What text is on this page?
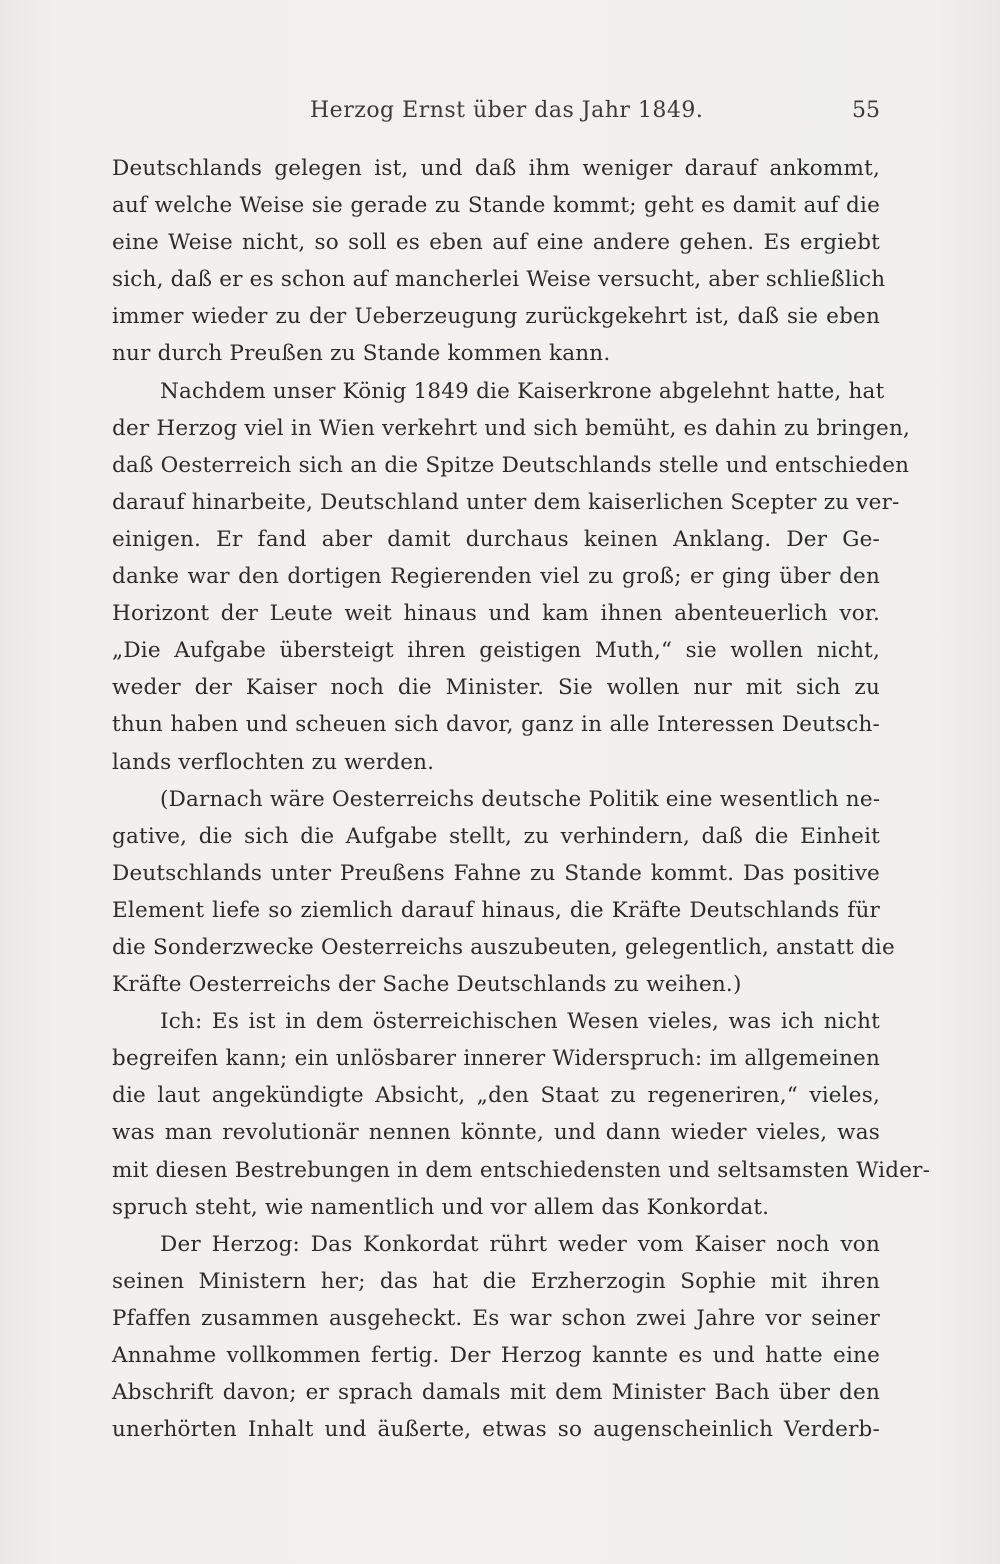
Herzog Ernst über das Jahr 1849.	55
Deutschlands gelegen ist, und daß ihm weniger darauf ankommt,
auf welche Weise sie gerade zu Stande kommt; geht es damit auf die
eine Weise nicht, so soll es eben auf eine andere gehen. Es ergiebt
sich, daß er es schon auf mancherlei Weise versucht, aber schließlich
immer wieder zu der Ueberzeugung zurückgekehrt ist, daß sie eben
nur durch Preußen zu Stande kommen kann.
Nachdem unser König 1849 die Kaiserkrone abgelehnt hatte, hat
der Herzog viel in Wien verkehrt und sich bemüht, es dahin zu bringen,
daß Oesterreich sich an die Spitze Deutschlands stelle und entschieden
darauf hinarbeite, Deutschland unter dem kaiserlichen Scepter zu ver-
einigen. Er fand aber damit durchaus keinen Anklang. Der Ge-
danke war den dortigen Regierenden viel zu groß; er ging über den
Horizont der Leute weit hinaus und kam ihnen abenteuerlich vor.
„Die Aufgabe übersteigt ihren geistigen Muth,“ sie wollen nicht,
weder der Kaiser noch die Minister. Sie wollen nur mit sich zu
thun haben und scheuen sich davor, ganz in alle Interessen Deutsch-
lands verflochten zu werden.
(Darnach wäre Oesterreichs deutsche Politik eine wesentlich ne-
gative, die sich die Aufgabe stellt, zu verhindern, daß die Einheit
Deutschlands unter Preußens Fahne zu Stande kommt. Das positive
Element liefe so ziemlich darauf hinaus, die Kräfte Deutschlands für
die Sonderzwecke Oesterreichs auszubeuten, gelegentlich, anstatt die
Kräfte Oesterreichs der Sache Deutschlands zu weihen.)
Ich: Es ist in dem österreichischen Wesen vieles, was ich nicht
begreifen kann; ein unlösbarer innerer Widerspruch: im allgemeinen
die laut angekündigte Absicht, „den Staat zu regeneriren,“ vieles,
was man revolutionär nennen könnte, und dann wieder vieles, was
mit diesen Bestrebungen in dem entschiedensten und seltsamsten Wider-
spruch steht, wie namentlich und vor allem das Konkordat.
Der Herzog: Das Konkordat rührt weder vom Kaiser noch von
seinen Ministern her; das hat die Erzherzogin Sophie mit ihren
Pfaffen zusammen ausgeheckt. Es war schon zwei Jahre vor seiner
Annahme vollkommen fertig. Der Herzog kannte es und hatte eine
Abschrift davon; er sprach damals mit dem Minister Bach über den
unerhörten Inhalt und äußerte, etwas so augenscheinlich Verderb-
